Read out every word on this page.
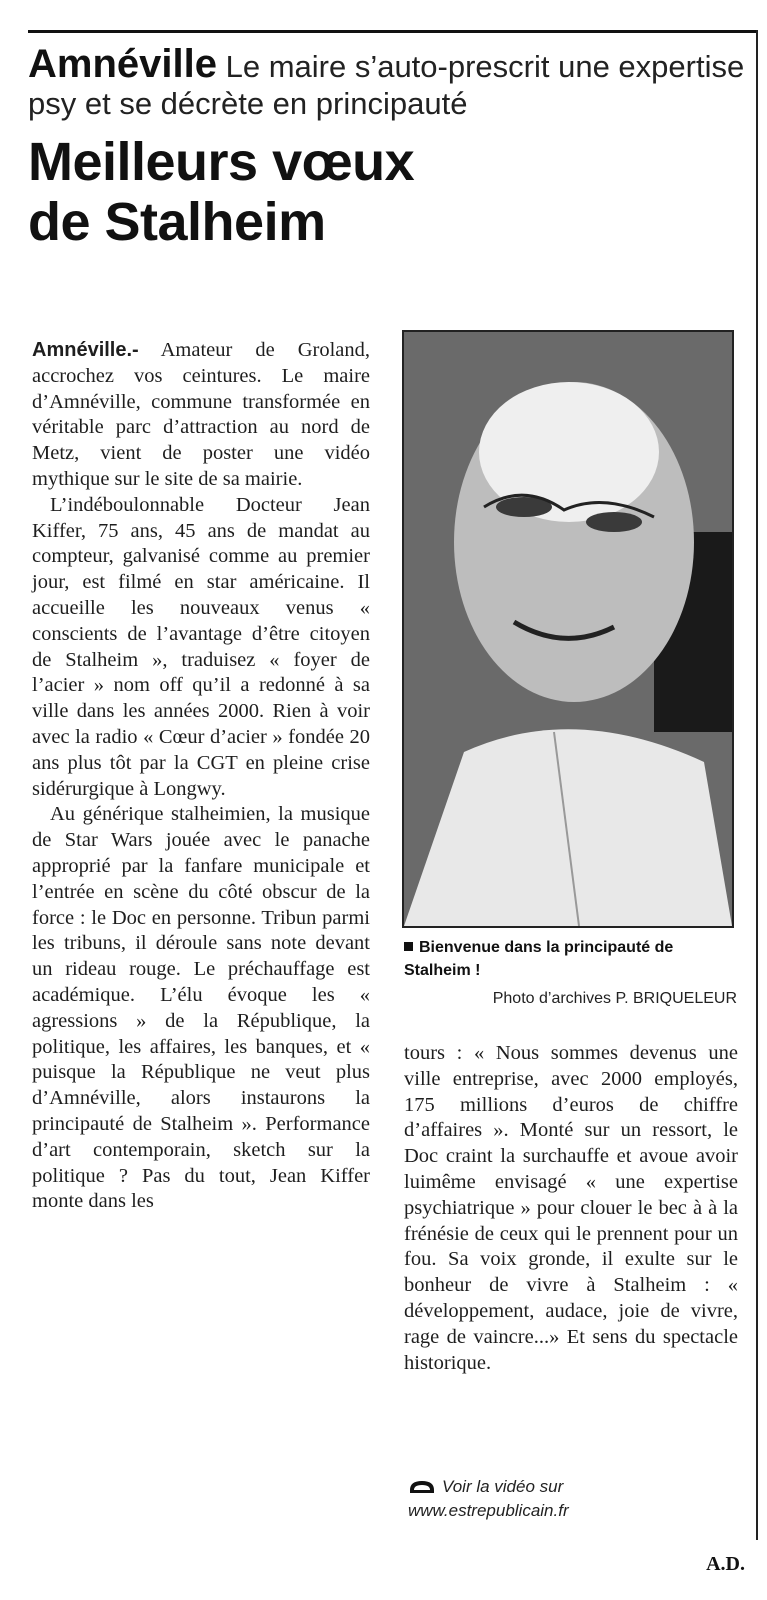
Amnéville Le maire s’auto-prescrit une expertise psy et se décrète en principauté
Meilleurs vœux
de Stalheim

Amnéville.- Amateur de Groland, accrochez vos ceintures. Le maire d’Amnéville, commune transformée en véritable parc d’attraction au nord de Metz, vient de poster une vidéo mythique sur le site de sa mairie.

L’indéboulonnable Docteur Jean Kiffer, 75 ans, 45 ans de mandat au compteur, galvanisé comme au premier jour, est filmé en star américaine. Il accueille les nouveaux venus « conscients de l’avantage d’être citoyen de Stalheim », traduisez « foyer de l’acier » nom off qu’il a redonné à sa ville dans les années 2000. Rien à voir avec la radio « Cœur d’acier » fondée 20 ans plus tôt par la CGT en pleine crise sidérurgique à Longwy.

Au générique stalheimien, la musique de Star Wars jouée avec le panache approprié par la fanfare municipale et l’entrée en scène du côté obscur de la force : le Doc en personne. Tribun parmi les tribuns, il déroule sans note devant un rideau rouge. Le préchauffage est académique. L’élu évoque les « agressions » de la République, la politique, les affaires, les banques, et « puisque la République ne veut plus d’Amnéville, alors instaurons la principauté de Stalheim ». Performance d’art contemporain, sketch sur la politique ? Pas du tout, Jean Kiffer monte dans les

Bienvenue dans la principauté de Stalheim !
Photo d’archives P. BRIQUELEUR

tours : « Nous sommes devenus une ville entreprise, avec 2000 employés, 175 millions d’euros de chiffre d’affaires ». Monté sur un ressort, le Doc craint la surchauffe et avoue avoir luimême envisagé « une expertise psychiatrique » pour clouer le bec à à la frénésie de ceux qui le prennent pour un fou. Sa voix gronde, il exulte sur le bonheur de vivre à Stalheim : « développement, audace, joie de vivre, rage de vaincre...» Et sens du spectacle historique.

Voir la vidéo sur
www.estrepublicain.fr
A.D.
